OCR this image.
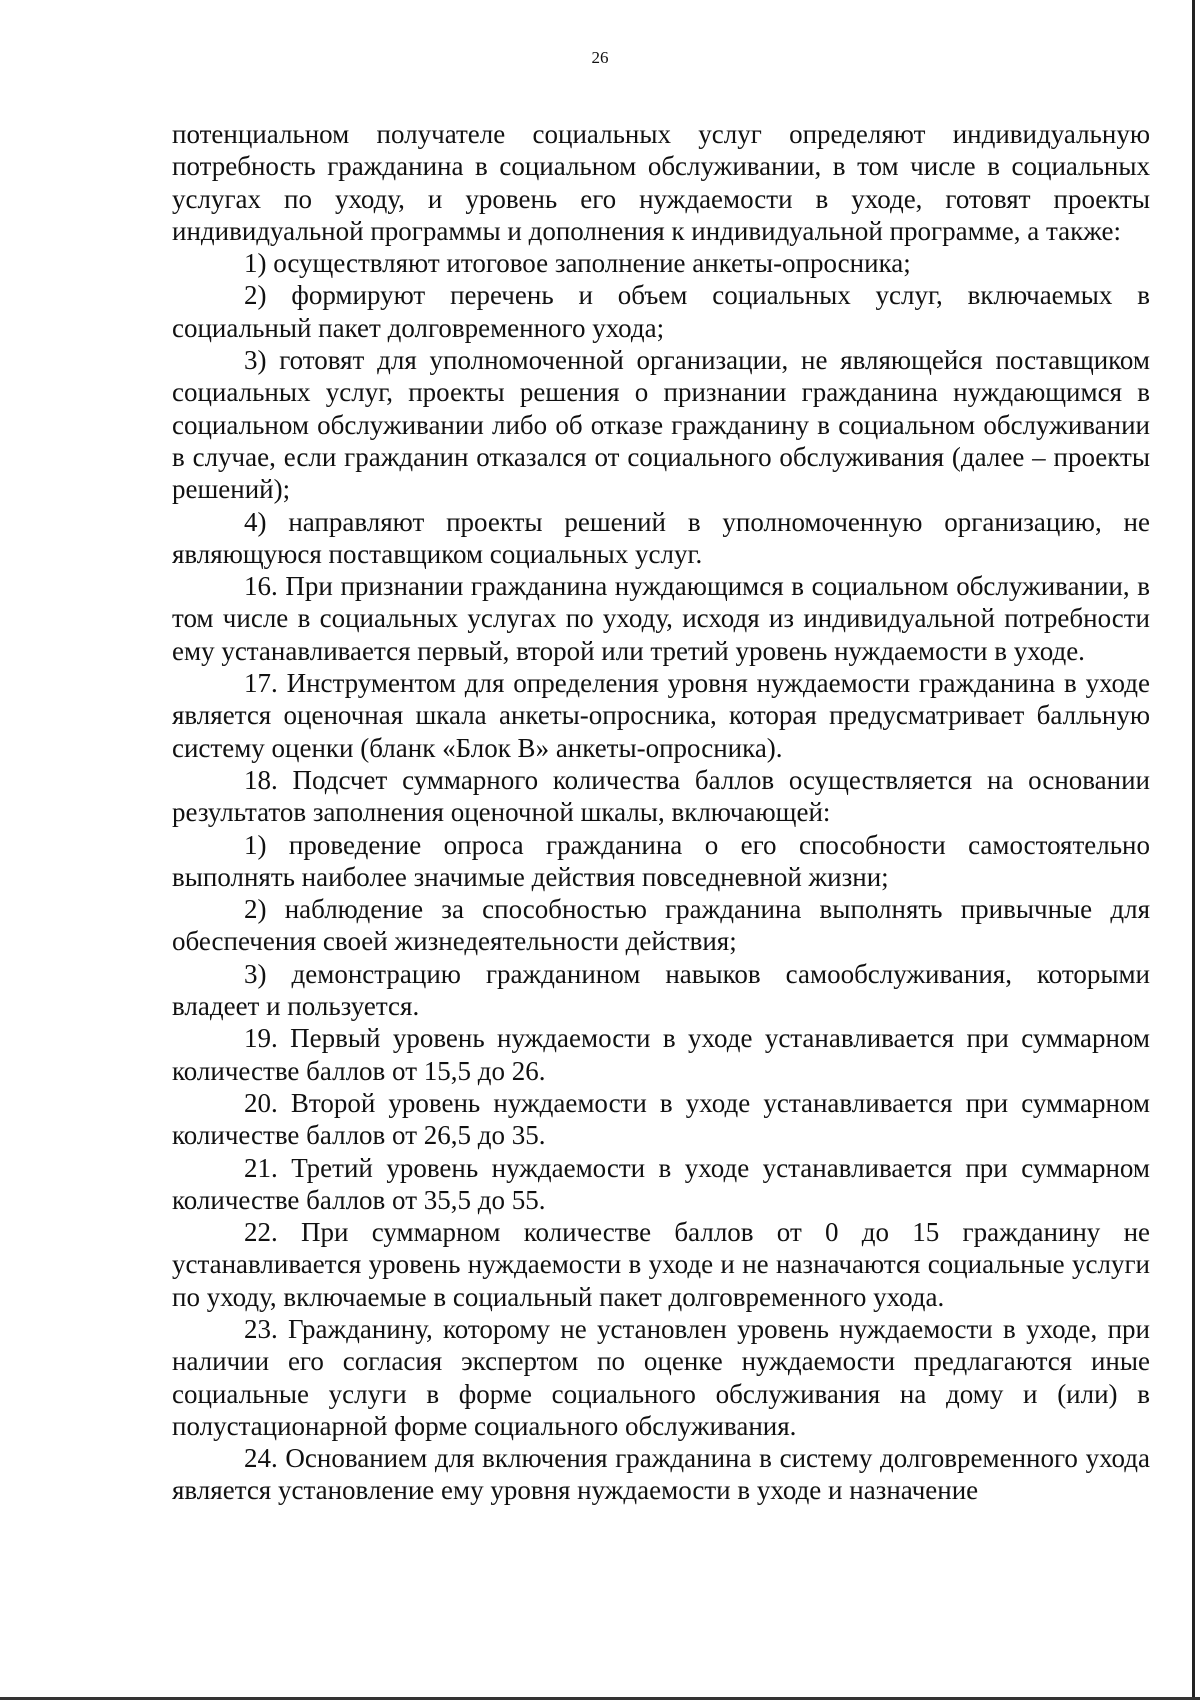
26

потенциальном получателе социальных услуг определяют индивидуальную потребность гражданина в социальном обслуживании, в том числе в социальных услугах по уходу, и уровень его нуждаемости в уходе, готовят проекты индивидуальной программы и дополнения к индивидуальной программе, а также:

1) осуществляют итоговое заполнение анкеты-опросника;

2) формируют перечень и объем социальных услуг, включаемых в социальный пакет долговременного ухода;

3) готовят для уполномоченной организации, не являющейся поставщиком социальных услуг, проекты решения о признании гражданина нуждающимся в социальном обслуживании либо об отказе гражданину в социальном обслуживании в случае, если гражданин отказался от социального обслуживания (далее – проекты решений);

4) направляют проекты решений в уполномоченную организацию, не являющуюся поставщиком социальных услуг.

16. При признании гражданина нуждающимся в социальном обслуживании, в том числе в социальных услугах по уходу, исходя из индивидуальной потребности ему устанавливается первый, второй или третий уровень нуждаемости в уходе.

17. Инструментом для определения уровня нуждаемости гражданина в уходе является оценочная шкала анкеты-опросника, которая предусматривает балльную систему оценки (бланк «Блок В» анкеты-опросника).

18. Подсчет суммарного количества баллов осуществляется на основании результатов заполнения оценочной шкалы, включающей:

1) проведение опроса гражданина о его способности самостоятельно выполнять наиболее значимые действия повседневной жизни;

2) наблюдение за способностью гражданина выполнять привычные для обеспечения своей жизнедеятельности действия;

3) демонстрацию гражданином навыков самообслуживания, которыми владеет и пользуется.

19. Первый уровень нуждаемости в уходе устанавливается при суммарном количестве баллов от 15,5 до 26.

20. Второй уровень нуждаемости в уходе устанавливается при суммарном количестве баллов от 26,5 до 35.

21. Третий уровень нуждаемости в уходе устанавливается при суммарном количестве баллов от 35,5 до 55.

22. При суммарном количестве баллов от 0 до 15 гражданину не устанавливается уровень нуждаемости в уходе и не назначаются социальные услуги по уходу, включаемые в социальный пакет долговременного ухода.

23. Гражданину, которому не установлен уровень нуждаемости в уходе, при наличии его согласия экспертом по оценке нуждаемости предлагаются иные социальные услуги в форме социального обслуживания на дому и (или) в полустационарной форме социального обслуживания.

24. Основанием для включения гражданина в систему долговременного ухода является установление ему уровня нуждаемости в уходе и назначение
